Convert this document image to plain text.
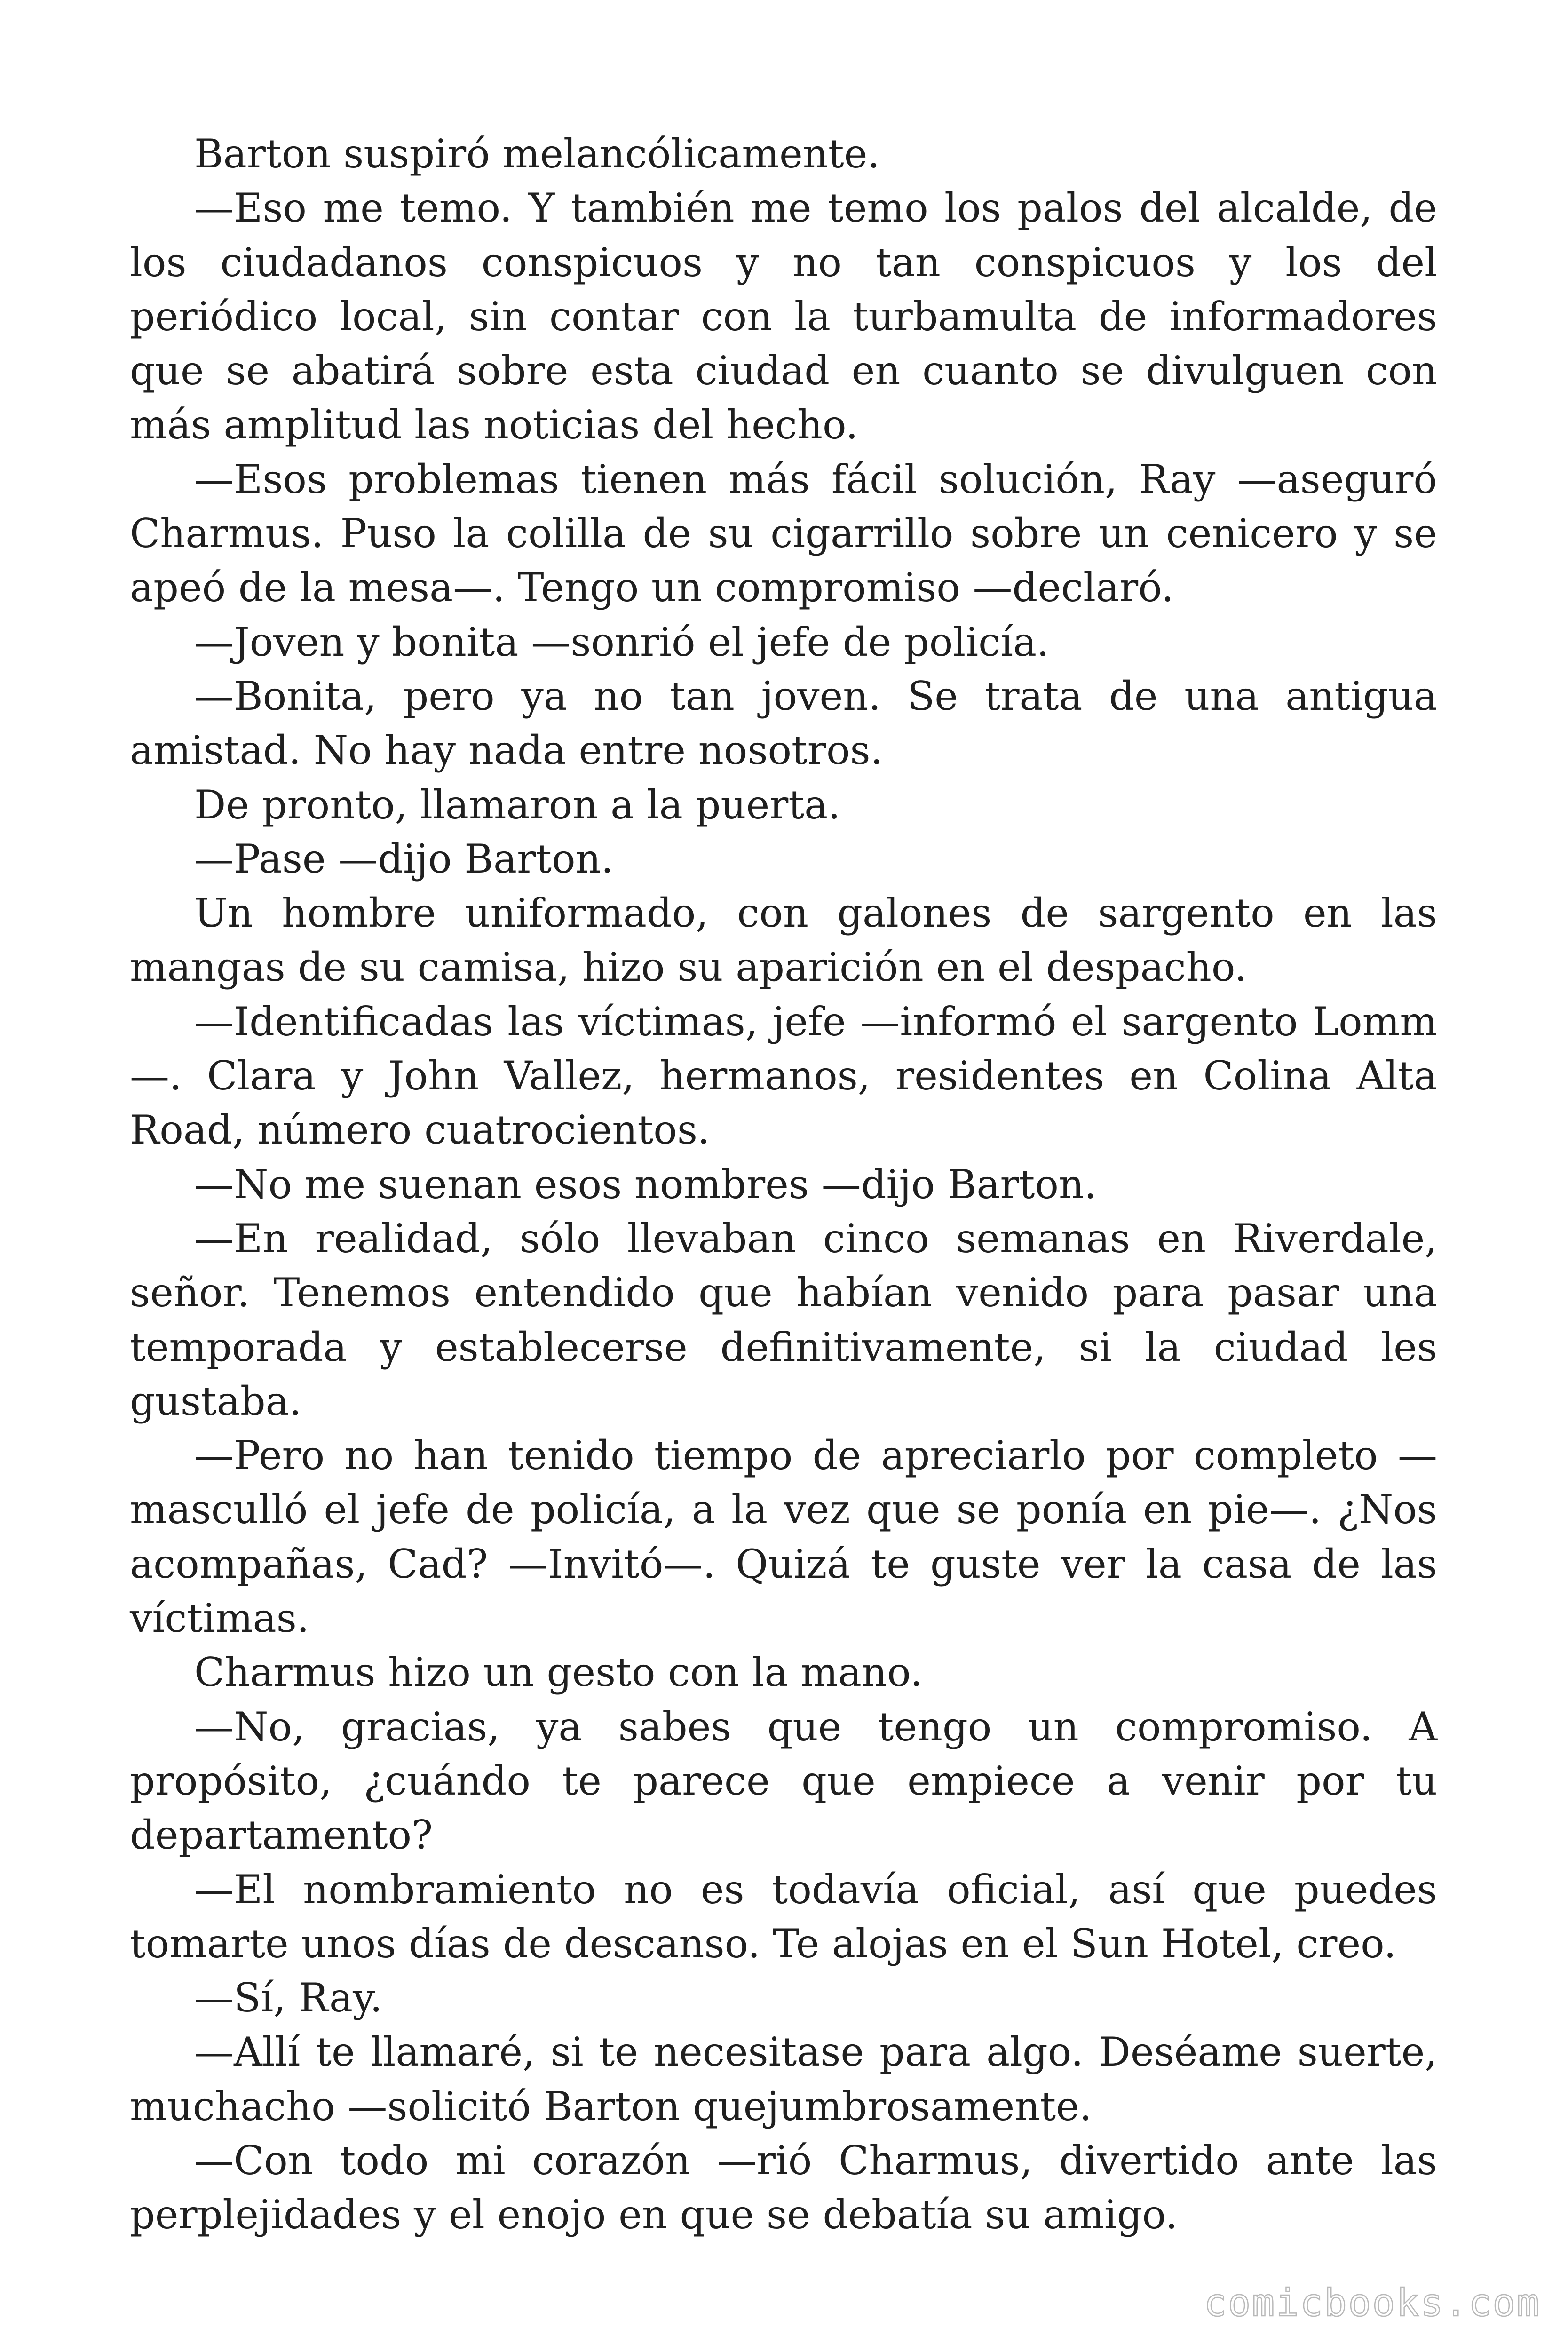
Barton suspiró melancólicamente.

—Eso me temo. Y también me temo los palos del alcalde, de los ciudadanos conspicuos y no tan conspicuos y los del periódico local, sin contar con la turbamulta de informadores que se abatirá sobre esta ciudad en cuanto se divulguen con más amplitud las noticias del hecho.

—Esos problemas tienen más fácil solución, Ray —aseguró Charmus. Puso la colilla de su cigarrillo sobre un cenicero y se apeó de la mesa—. Tengo un compromiso —declaró.

—Joven y bonita —sonrió el jefe de policía.

—Bonita, pero ya no tan joven. Se trata de una antigua amistad. No hay nada entre nosotros.

De pronto, llamaron a la puerta.

—Pase —dijo Barton.

Un hombre uniformado, con galones de sargento en las mangas de su camisa, hizo su aparición en el despacho.

—Identificadas las víctimas, jefe —informó el sargento Lomm—. Clara y John Vallez, hermanos, residentes en Colina Alta Road, número cuatrocientos.

—No me suenan esos nombres —dijo Barton.

—En realidad, sólo llevaban cinco semanas en Riverdale, señor. Tenemos entendido que habían venido para pasar una temporada y establecerse definitivamente, si la ciudad les gustaba.

—Pero no han tenido tiempo de apreciarlo por completo —masculló el jefe de policía, a la vez que se ponía en pie—. ¿Nos acompañas, Cad? —Invitó—. Quizá te guste ver la casa de las víctimas.

Charmus hizo un gesto con la mano.

—No, gracias, ya sabes que tengo un compromiso. A propósito, ¿cuándo te parece que empiece a venir por tu departamento?

—El nombramiento no es todavía oficial, así que puedes tomarte unos días de descanso. Te alojas en el Sun Hotel, creo.

—Sí, Ray.

—Allí te llamaré, si te necesitase para algo. Deséame suerte, muchacho —solicitó Barton quejumbrosamente.

—Con todo mi corazón —rió Charmus, divertido ante las perplejidades y el enojo en que se debatía su amigo.

comicbooks.com
